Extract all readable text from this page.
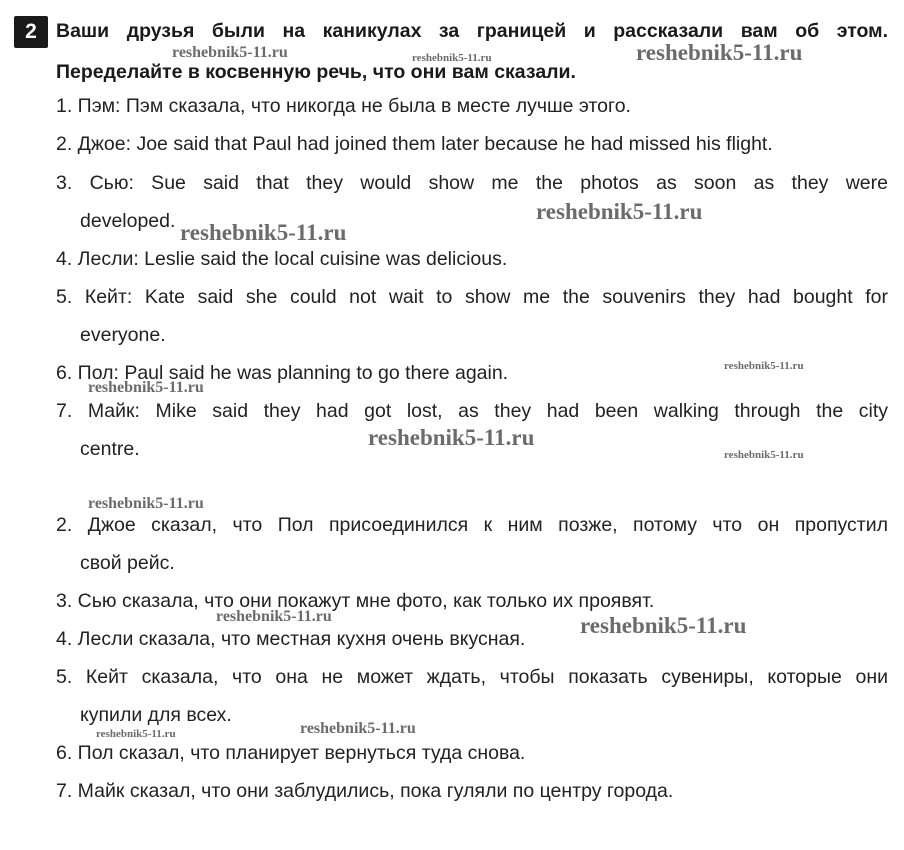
2 Ваши друзья были на каникулах за границей и рассказали вам об этом.
Переделайте в косвенную речь, что они вам сказали.
1. Пэм: Пэм сказала, что никогда не была в месте лучше этого.
2. Джое: Joe said that Paul had joined them later because he had missed his flight.
3. Сью: Sue said that they would show me the photos as soon as they were
developed.
4. Лесли: Leslie said the local cuisine was delicious.
5. Кейт: Kate said she could not wait to show me the souvenirs they had bought for
everyone.
6. Пол: Paul said he was planning to go there again.
7. Майк: Mike said they had got lost, as they had been walking through the city
centre.
2. Джое сказал, что Пол присоединился к ним позже, потому что он пропустил
свой рейс.
3. Сью сказала, что они покажут мне фото, как только их проявят.
4. Лесли сказала, что местная кухня очень вкусная.
5. Кейт сказала, что она не может ждать, чтобы показать сувениры, которые они
купили для всех.
6. Пол сказал, что планирует вернуться туда снова.
7. Майк сказал, что они заблудились, пока гуляли по центру города.
reshebnik5-11.ru	reshebnik5-11.ru	reshebnik5-11.ru
reshebnik5-11.ru
reshebnik5-11.ru
reshebnik5-11.ru
reshebnik5-11.ru
reshebnik5-11.ru
reshebnik5-11.ru
reshebnik5-11.ru
reshebnik5-11.ru	reshebnik5-11.ru
reshebnik5-11.ru
reshebnik5-11.ru
